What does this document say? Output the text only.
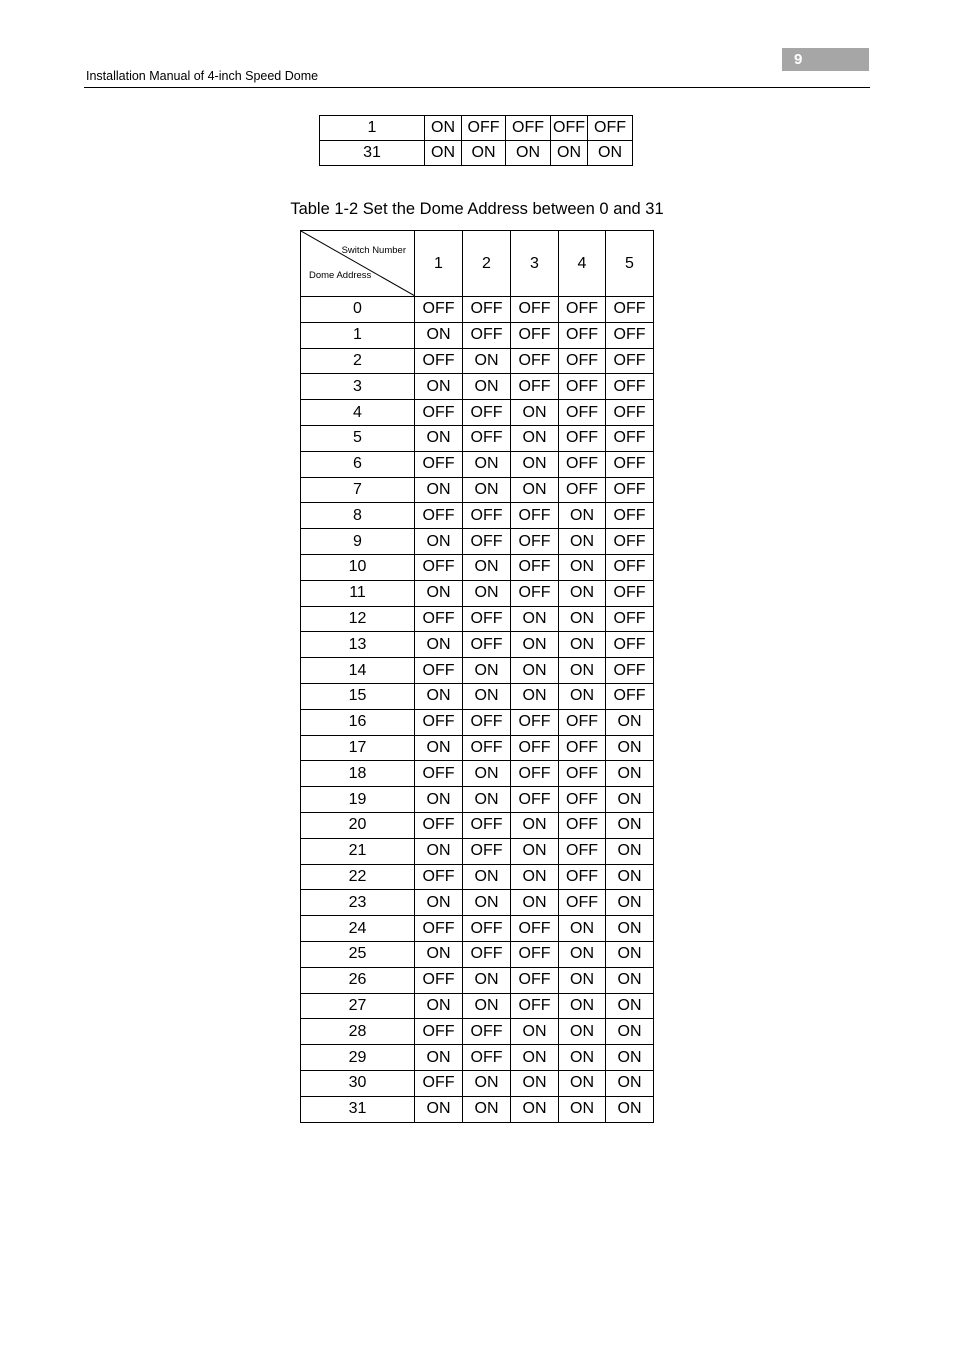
9
Installation Manual of 4-inch Speed Dome
1	ON	OFF	OFF	OFF	OFF
31	ON	ON	ON	ON	ON
Table 1-2 Set the Dome Address between 0 and 31
Switch Number
Dome Address	1	2	3	4	5
0	OFF	OFF	OFF	OFF	OFF
1	ON	OFF	OFF	OFF	OFF
2	OFF	ON	OFF	OFF	OFF
3	ON	ON	OFF	OFF	OFF
4	OFF	OFF	ON	OFF	OFF
5	ON	OFF	ON	OFF	OFF
6	OFF	ON	ON	OFF	OFF
7	ON	ON	ON	OFF	OFF
8	OFF	OFF	OFF	ON	OFF
9	ON	OFF	OFF	ON	OFF
10	OFF	ON	OFF	ON	OFF
11	ON	ON	OFF	ON	OFF
12	OFF	OFF	ON	ON	OFF
13	ON	OFF	ON	ON	OFF
14	OFF	ON	ON	ON	OFF
15	ON	ON	ON	ON	OFF
16	OFF	OFF	OFF	OFF	ON
17	ON	OFF	OFF	OFF	ON
18	OFF	ON	OFF	OFF	ON
19	ON	ON	OFF	OFF	ON
20	OFF	OFF	ON	OFF	ON
21	ON	OFF	ON	OFF	ON
22	OFF	ON	ON	OFF	ON
23	ON	ON	ON	OFF	ON
24	OFF	OFF	OFF	ON	ON
25	ON	OFF	OFF	ON	ON
26	OFF	ON	OFF	ON	ON
27	ON	ON	OFF	ON	ON
28	OFF	OFF	ON	ON	ON
29	ON	OFF	ON	ON	ON
30	OFF	ON	ON	ON	ON
31	ON	ON	ON	ON	ON
